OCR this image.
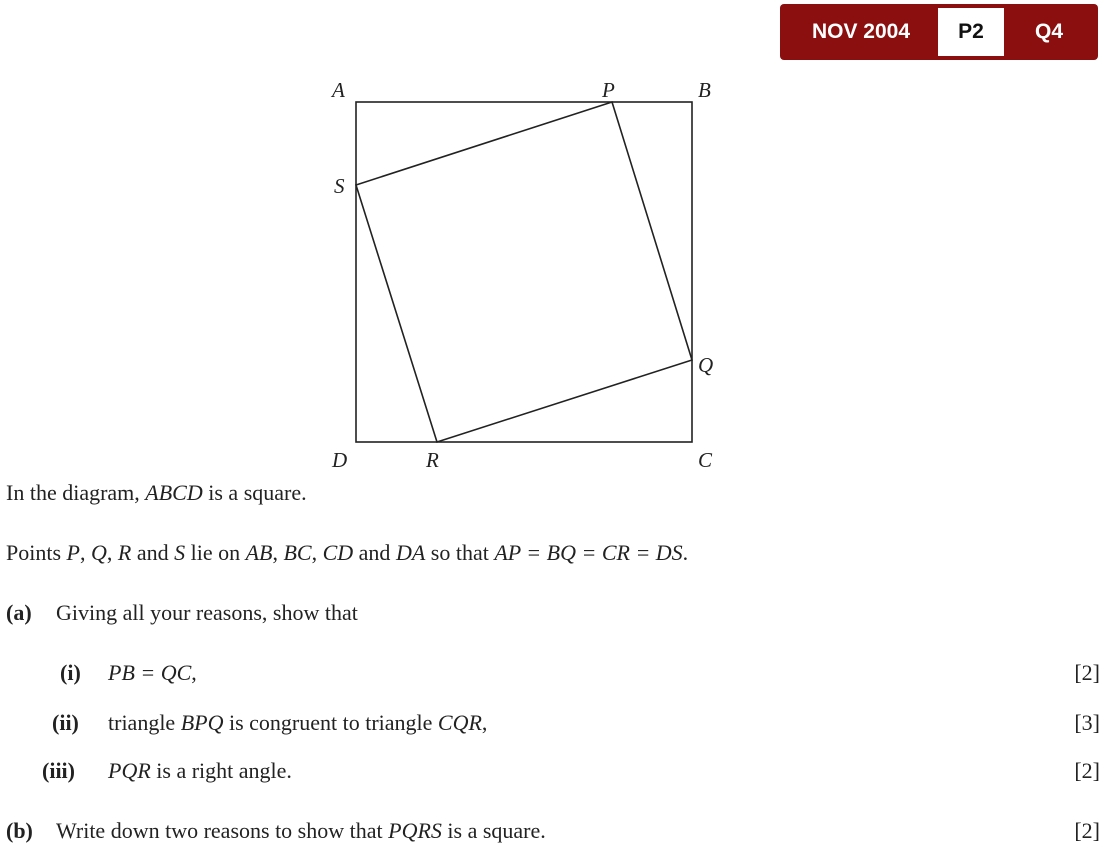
NOV 2004	P2	Q4
A	P	B
S
Q
D	R	C
In the diagram, ABCD is a square.
Points P, Q, R and S lie on AB, BC, CD and DA so that AP = BQ = CR = DS.
(a) Giving all your reasons, show that
(i) PB = QC,	[2]
(ii) triangle BPQ is congruent to triangle CQR,	[3]
(iii) PQR is a right angle.	[2]
(b) Write down two reasons to show that PQRS is a square.	[2]
